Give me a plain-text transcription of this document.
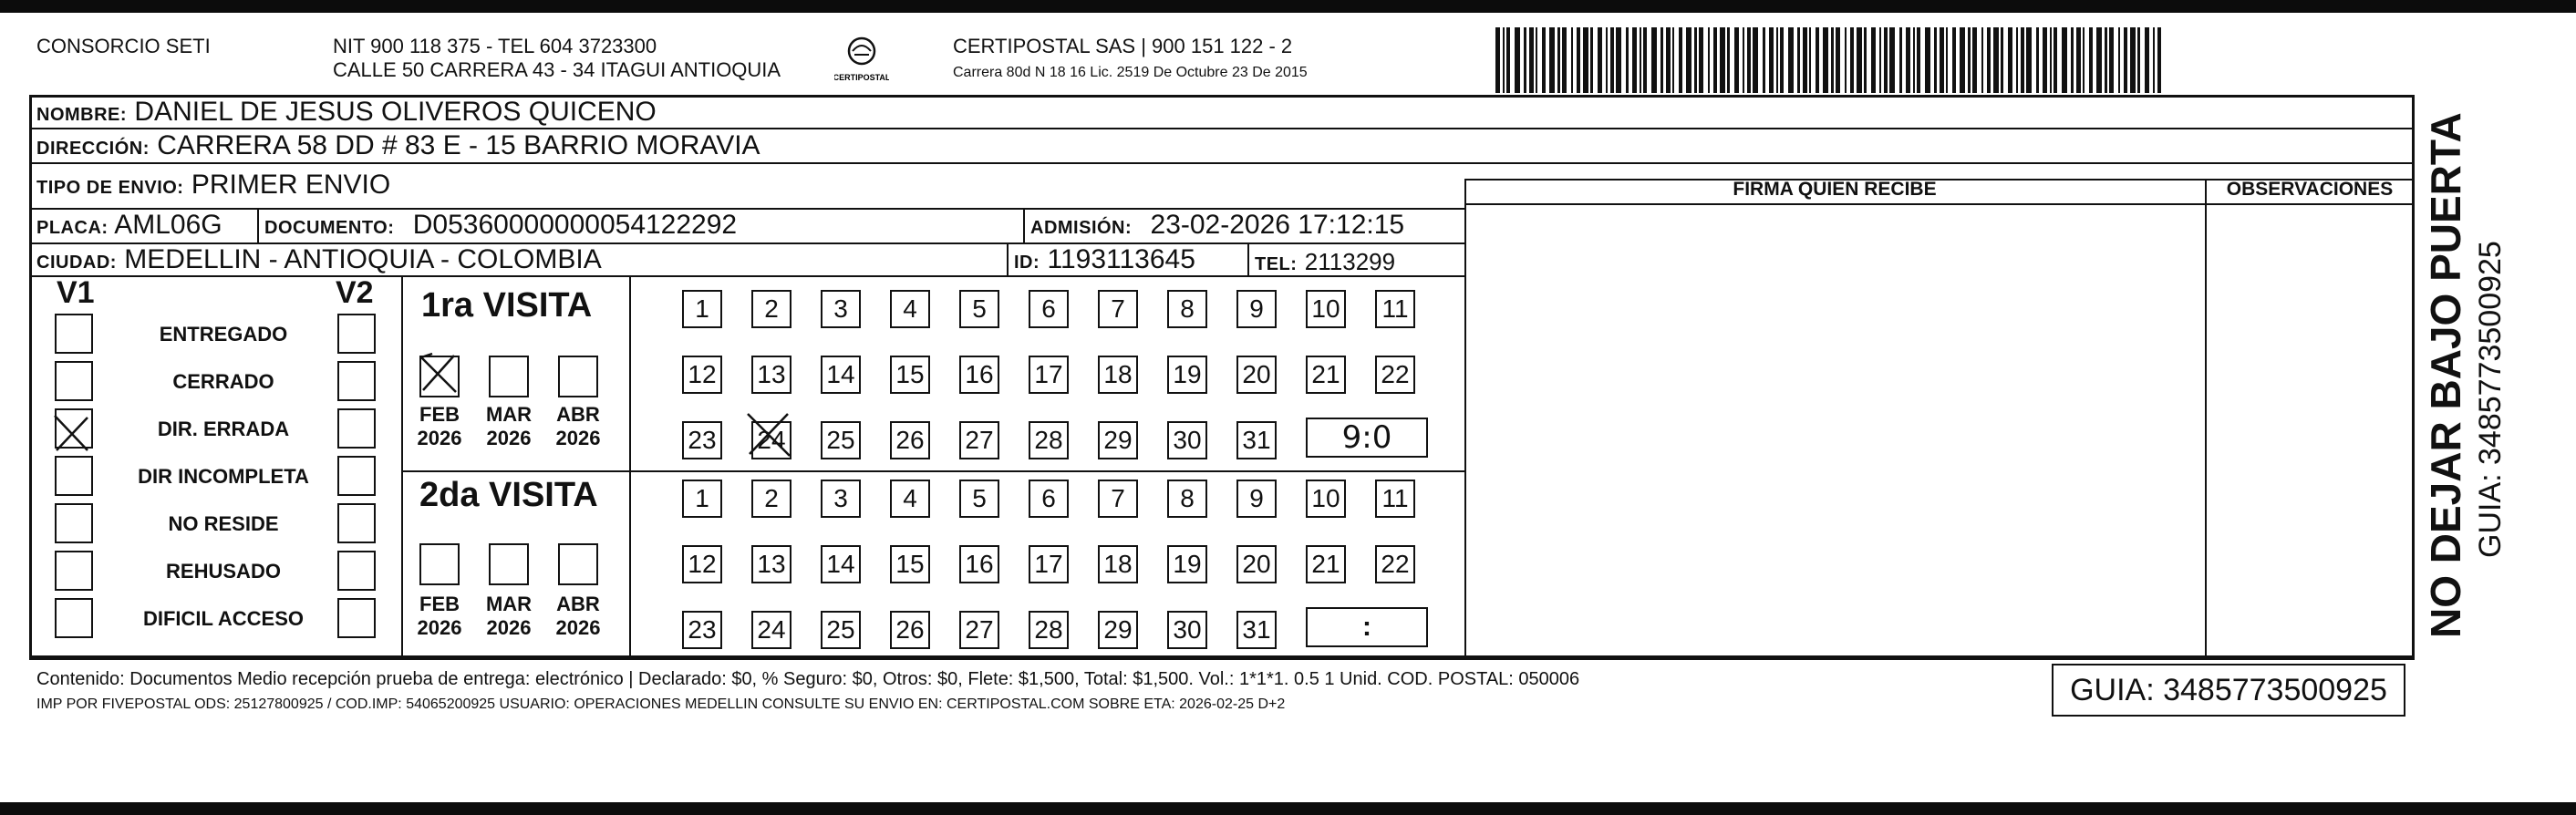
CONSORCIO SETI	NIT 900 118 375 - TEL 604 3723300
CALLE 50 CARRERA 43 - 34 ITAGUI ANTIOQUIA	CERTIPOSTAL
CERTIPOSTAL SAS | 900 151 122 - 2
Carrera 80d N 18 16 Lic. 2519 De Octubre 23 De 2015
NOMBRE: DANIEL DE JESUS OLIVEROS QUICENO
DIRECCIÓN: CARRERA 58 DD # 83 E - 15 BARRIO MORAVIA
TIPO DE ENVIO: PRIMER ENVIO
PLACA: AML06G DOCUMENTO: D05360000000054122292	ADMISIÓN: 23-02-2026 17:12:15
CIUDAD: MEDELLIN - ANTIOQUIA - COLOMBIA	ID: 1193113645	TEL: 2113299
FIRMA QUIEN RECIBE	OBSERVACIONES
V1	V2
ENTREGADO
CERRADO
DIR. ERRADA
DIR INCOMPLETA
NO RESIDE
REHUSADO
DIFICIL ACCESO
1ra VISITA
2da VISITA
FEB
2026
MAR
2026
ABR
2026
FEB
2026
MAR
2026
ABR
2026
1	2	3	4	5	6	7	8	9	10 11
12 13 14 15 16 17 18 19 20 21 22
23 24 25 26 27 28 29 30 31
1	2	3	4	5	6	7	8	9	10 11
12 13 14 15 16 17 18 19 20 21 22
23 24 25 26 27 28 29 30 31
9:0
:
Contenido: Documentos Medio recepción prueba de entrega: electrónico | Declarado: $0, % Seguro: $0, Otros: $0, Flete: $1,500, Total: $1,500. Vol.: 1*1*1. 0.5 1 Unid. COD. POSTAL: 050006
IMP POR FIVEPOSTAL ODS: 25127800925 / COD.IMP: 54065200925 USUARIO: OPERACIONES MEDELLIN CONSULTE SU ENVIO EN: CERTIPOSTAL.COM SOBRE ETA: 2026-02-25 D+2	GUIA: 3485773500925
NO DEJAR BAJO PUERTA GUIA: 3485773500925
